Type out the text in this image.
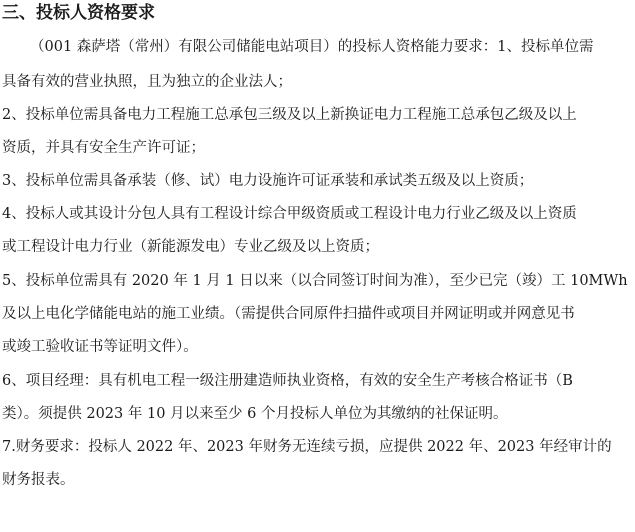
三、投标人资格要求
（001 森萨塔（常州）有限公司储能电站项目）的投标人资格能力要求：1、投标单位需
具备有效的营业执照，且为独立的企业法人；
2、投标单位需具备电力工程施工总承包三级及以上新换证电力工程施工总承包乙级及以上
资质，并具有安全生产许可证；
3、投标单位需具备承装（修、试）电力设施许可证承装和承试类五级及以上资质；
4、投标人或其设计分包人具有工程设计综合甲级资质或工程设计电力行业乙级及以上资质
或工程设计电力行业（新能源发电）专业乙级及以上资质；
5、投标单位需具有 2020 年 1 月 1 日以来（以合同签订时间为准），至少已完（竣）工 10MWh
及以上电化学储能电站的施工业绩。（需提供合同原件扫描件或项目并网证明或并网意见书
或竣工验收证书等证明文件）。
6、项目经理：具有机电工程一级注册建造师执业资格，有效的安全生产考核合格证书（B
类）。须提供 2023 年 10 月以来至少 6 个月投标人单位为其缴纳的社保证明。
7.财务要求：投标人 2022 年、2023 年财务无连续亏损，应提供 2022 年、2023 年经审计的
财务报表。
